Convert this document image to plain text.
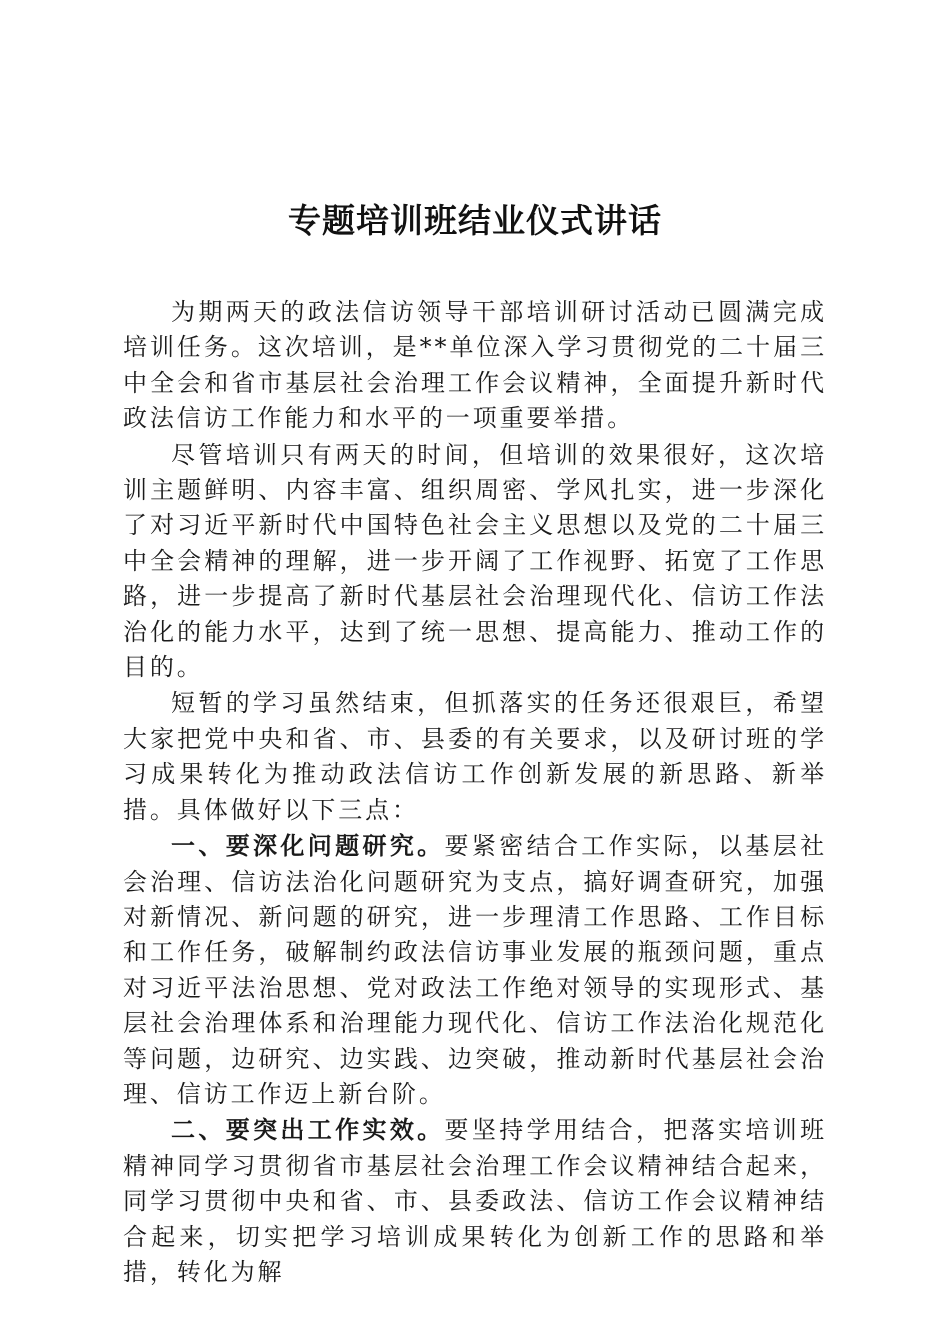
专题培训班结业仪式讲话

为期两天的政法信访领导干部培训研讨活动已圆满完成培训任务。这次培训，是**单位深入学习贯彻党的二十届三中全会和省市基层社会治理工作会议精神，全面提升新时代政法信访工作能力和水平的一项重要举措。

尽管培训只有两天的时间，但培训的效果很好，这次培训主题鲜明、内容丰富、组织周密、学风扎实，进一步深化了对习近平新时代中国特色社会主义思想以及党的二十届三中全会精神的理解，进一步开阔了工作视野、拓宽了工作思路，进一步提高了新时代基层社会治理现代化、信访工作法治化的能力水平，达到了统一思想、提高能力、推动工作的目的。

短暂的学习虽然结束，但抓落实的任务还很艰巨，希望大家把党中央和省、市、县委的有关要求，以及研讨班的学习成果转化为推动政法信访工作创新发展的新思路、新举措。具体做好以下三点：

一、要深化问题研究。要紧密结合工作实际，以基层社会治理、信访法治化问题研究为支点，搞好调查研究，加强对新情况、新问题的研究，进一步理清工作思路、工作目标和工作任务，破解制约政法信访事业发展的瓶颈问题，重点对习近平法治思想、党对政法工作绝对领导的实现形式、基层社会治理体系和治理能力现代化、信访工作法治化规范化等问题，边研究、边实践、边突破，推动新时代基层社会治理、信访工作迈上新台阶。

二、要突出工作实效。要坚持学用结合，把落实培训班精神同学习贯彻省市基层社会治理工作会议精神结合起来，同学习贯彻中央和省、市、县委政法、信访工作会议精神结合起来，切实把学习培训成果转化为创新工作的思路和举措，转化为解
